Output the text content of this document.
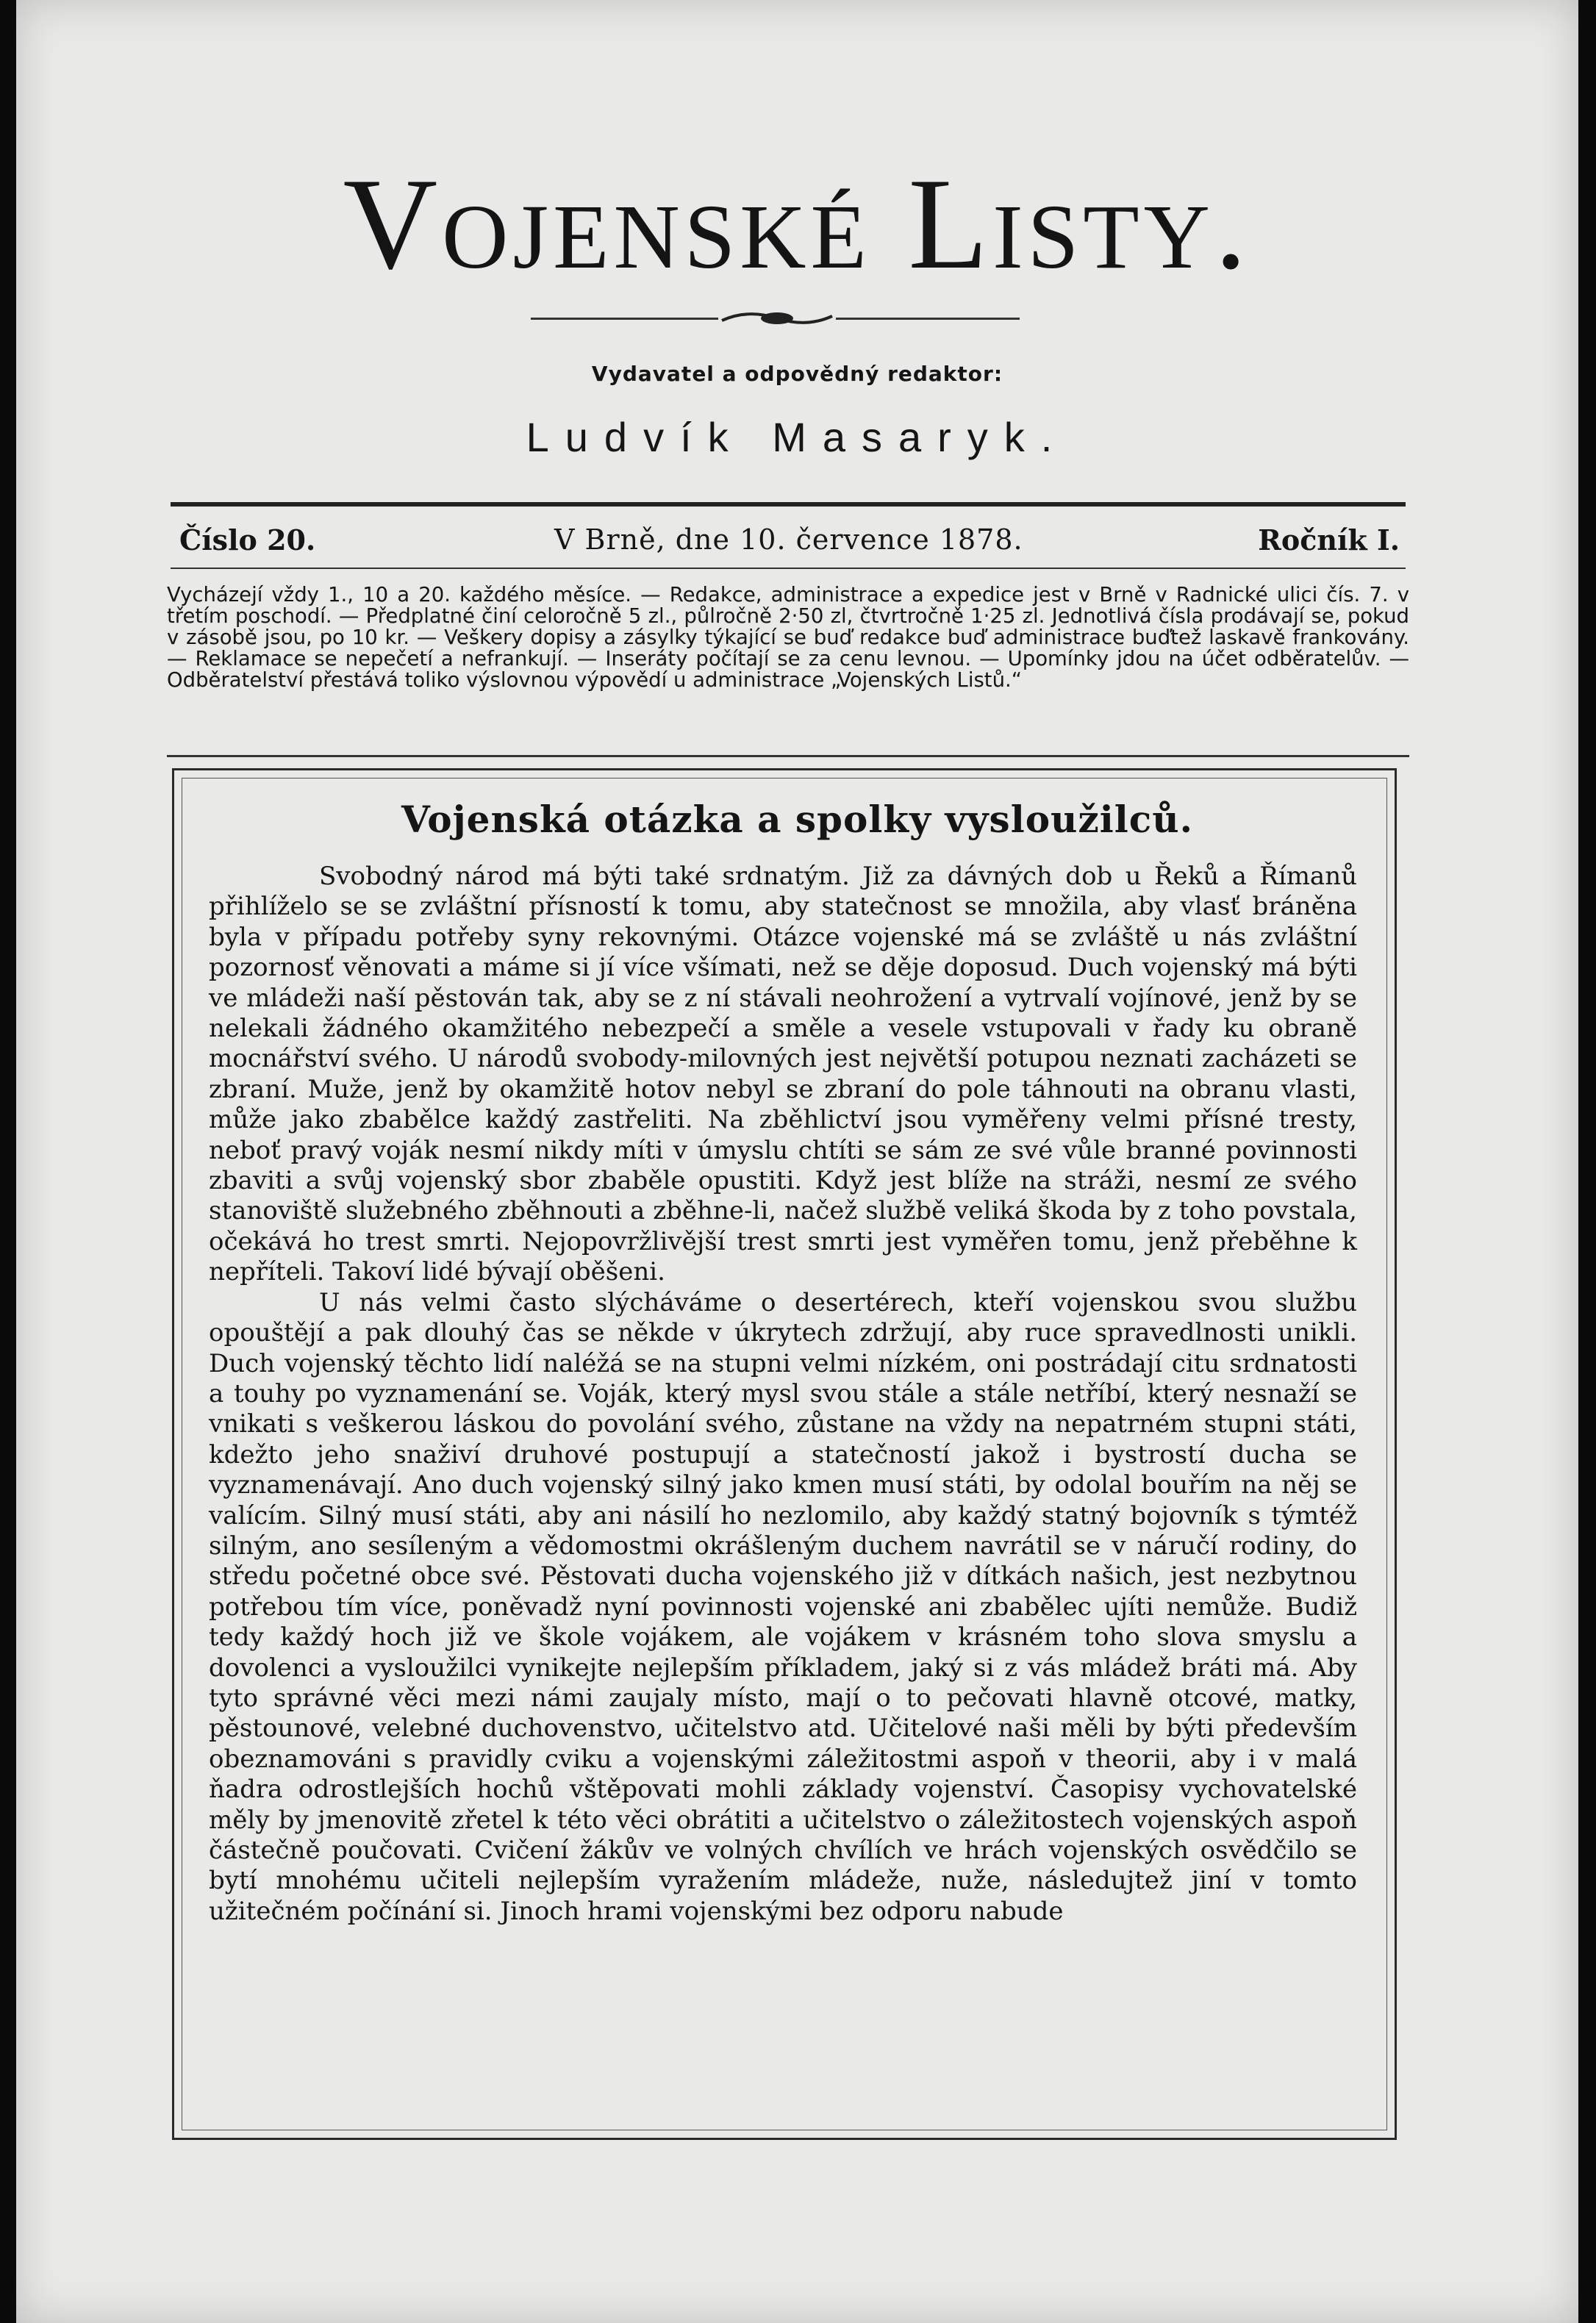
Vojenské Listy.
Vydavatel a odpovědný redaktor:
Ludvík Masaryk.
Číslo 20.	V Brně, dne 10. července 1878.	Ročník I.

Vycházejí vždy 1., 10 a 20. každého měsíce. — Redakce, administrace a expedice jest v Brně v Radnické ulici čís. 7. v třetím poschodí. — Předplatné činí celoročně 5 zl., půlročně 2·50 zl, čtvrtročně 1·25 zl. Jednotlivá čísla prodávají se, pokud v zásobě jsou, po 10 kr. — Veškery dopisy a zásylky týkající se buď redakce buď administrace buďtež laskavě frankovány. — Reklamace se nepečetí a nefrankují. — Inseráty počítají se za cenu levnou. — Upomínky jdou na účet odběratelův. — Odběratelství přestává toliko výslovnou výpovědí u administrace „Vojenských Listů.“

Vojenská otázka a spolky vysloužilců.

Svobodný národ má býti také srdnatým. Již za dávných dob u Řeků a Římanů přihlíželo se se zvláštní přísností k tomu, aby statečnost se množila, aby vlasť bráněna byla v případu potřeby syny rekovnými. Otázce vojenské má se zvláště u nás zvláštní pozornosť věnovati a máme si jí více všímati, než se děje doposud. Duch vojenský má býti ve mládeži naší pěstován tak, aby se z ní stávali neohrožení a vytrvalí vojínové, jenž by se nelekali žádného okamžitého nebezpečí a směle a vesele vstupovali v řady ku obraně mocnářství svého. U národů svobody-milovných jest největší potupou neznati zacházeti se zbraní. Muže, jenž by okamžitě hotov nebyl se zbraní do pole táhnouti na obranu vlasti, může jako zbabělce každý zastřeliti. Na zběhlictví jsou vyměřeny velmi přísné tresty, neboť pravý voják nesmí nikdy míti v úmyslu chtíti se sám ze své vůle branné povinnosti zbaviti a svůj vojenský sbor zbaběle opustiti. Když jest blíže na stráži, nesmí ze svého stanoviště služebného zběhnouti a zběhne-li, načež službě veliká škoda by z toho povstala, očekává ho trest smrti. Nejopovržlivější trest smrti jest vyměřen tomu, jenž přeběhne k nepříteli. Takoví lidé bývají oběšeni.

U nás velmi často slýcháváme o desertérech, kteří vojenskou svou službu opouštějí a pak dlouhý čas se někde v úkrytech zdržují, aby ruce spravedlnosti unikli. Duch vojenský těchto lidí naléžá se na stupni velmi nízkém, oni postrádají citu srdnatosti a touhy po vyznamenání se. Voják, který mysl svou stále a stále netříbí, který nesnaží se vnikati s veškerou láskou do povolání svého, zůstane na vždy na nepatrném stupni státi, kdežto jeho snaživí druhové postupují a statečností jakož i bystrostí ducha se vyznamenávají. Ano duch vojenský silný jako kmen musí státi, by odolal bouřím na něj se valícím. Silný musí státi, aby ani násilí ho nezlomilo, aby každý statný bojovník s týmtéž silným, ano sesíleným a vědomostmi okrášleným duchem navrátil se v náručí rodiny, do středu početné obce své. Pěstovati ducha vojenského již v dítkách našich, jest nezbytnou potřebou tím více, poněvadž nyní povinnosti vojenské ani zbabělec ujíti nemůže. Budiž tedy každý hoch již ve škole vojákem, ale vojákem v krásném toho slova smyslu a dovolenci a vysloužilci vynikejte nejlepším příkladem, jaký si z vás mládež bráti má. Aby tyto správné věci mezi námi zaujaly místo, mají o to pečovati hlavně otcové, matky, pěstounové, velebné duchovenstvo, učitelstvo atd. Učitelové naši měli by býti především obeznamováni s pravidly cviku a vojenskými záležitostmi aspoň v theorii, aby i v malá ňadra odrostlejších hochů vštěpovati mohli základy vojenství. Časopisy vychovatelské měly by jmenovitě zřetel k této věci obrátiti a učitelstvo o záležitostech vojenských aspoň částečně poučovati. Cvičení žákův ve volných chvílích ve hrách vojenských osvědčilo se bytí mnohému učiteli nejlepším vyražením mládeže, nuže, následujtež jiní v tomto užitečném počínání si. Jinoch hrami vojenskými bez odporu nabude
